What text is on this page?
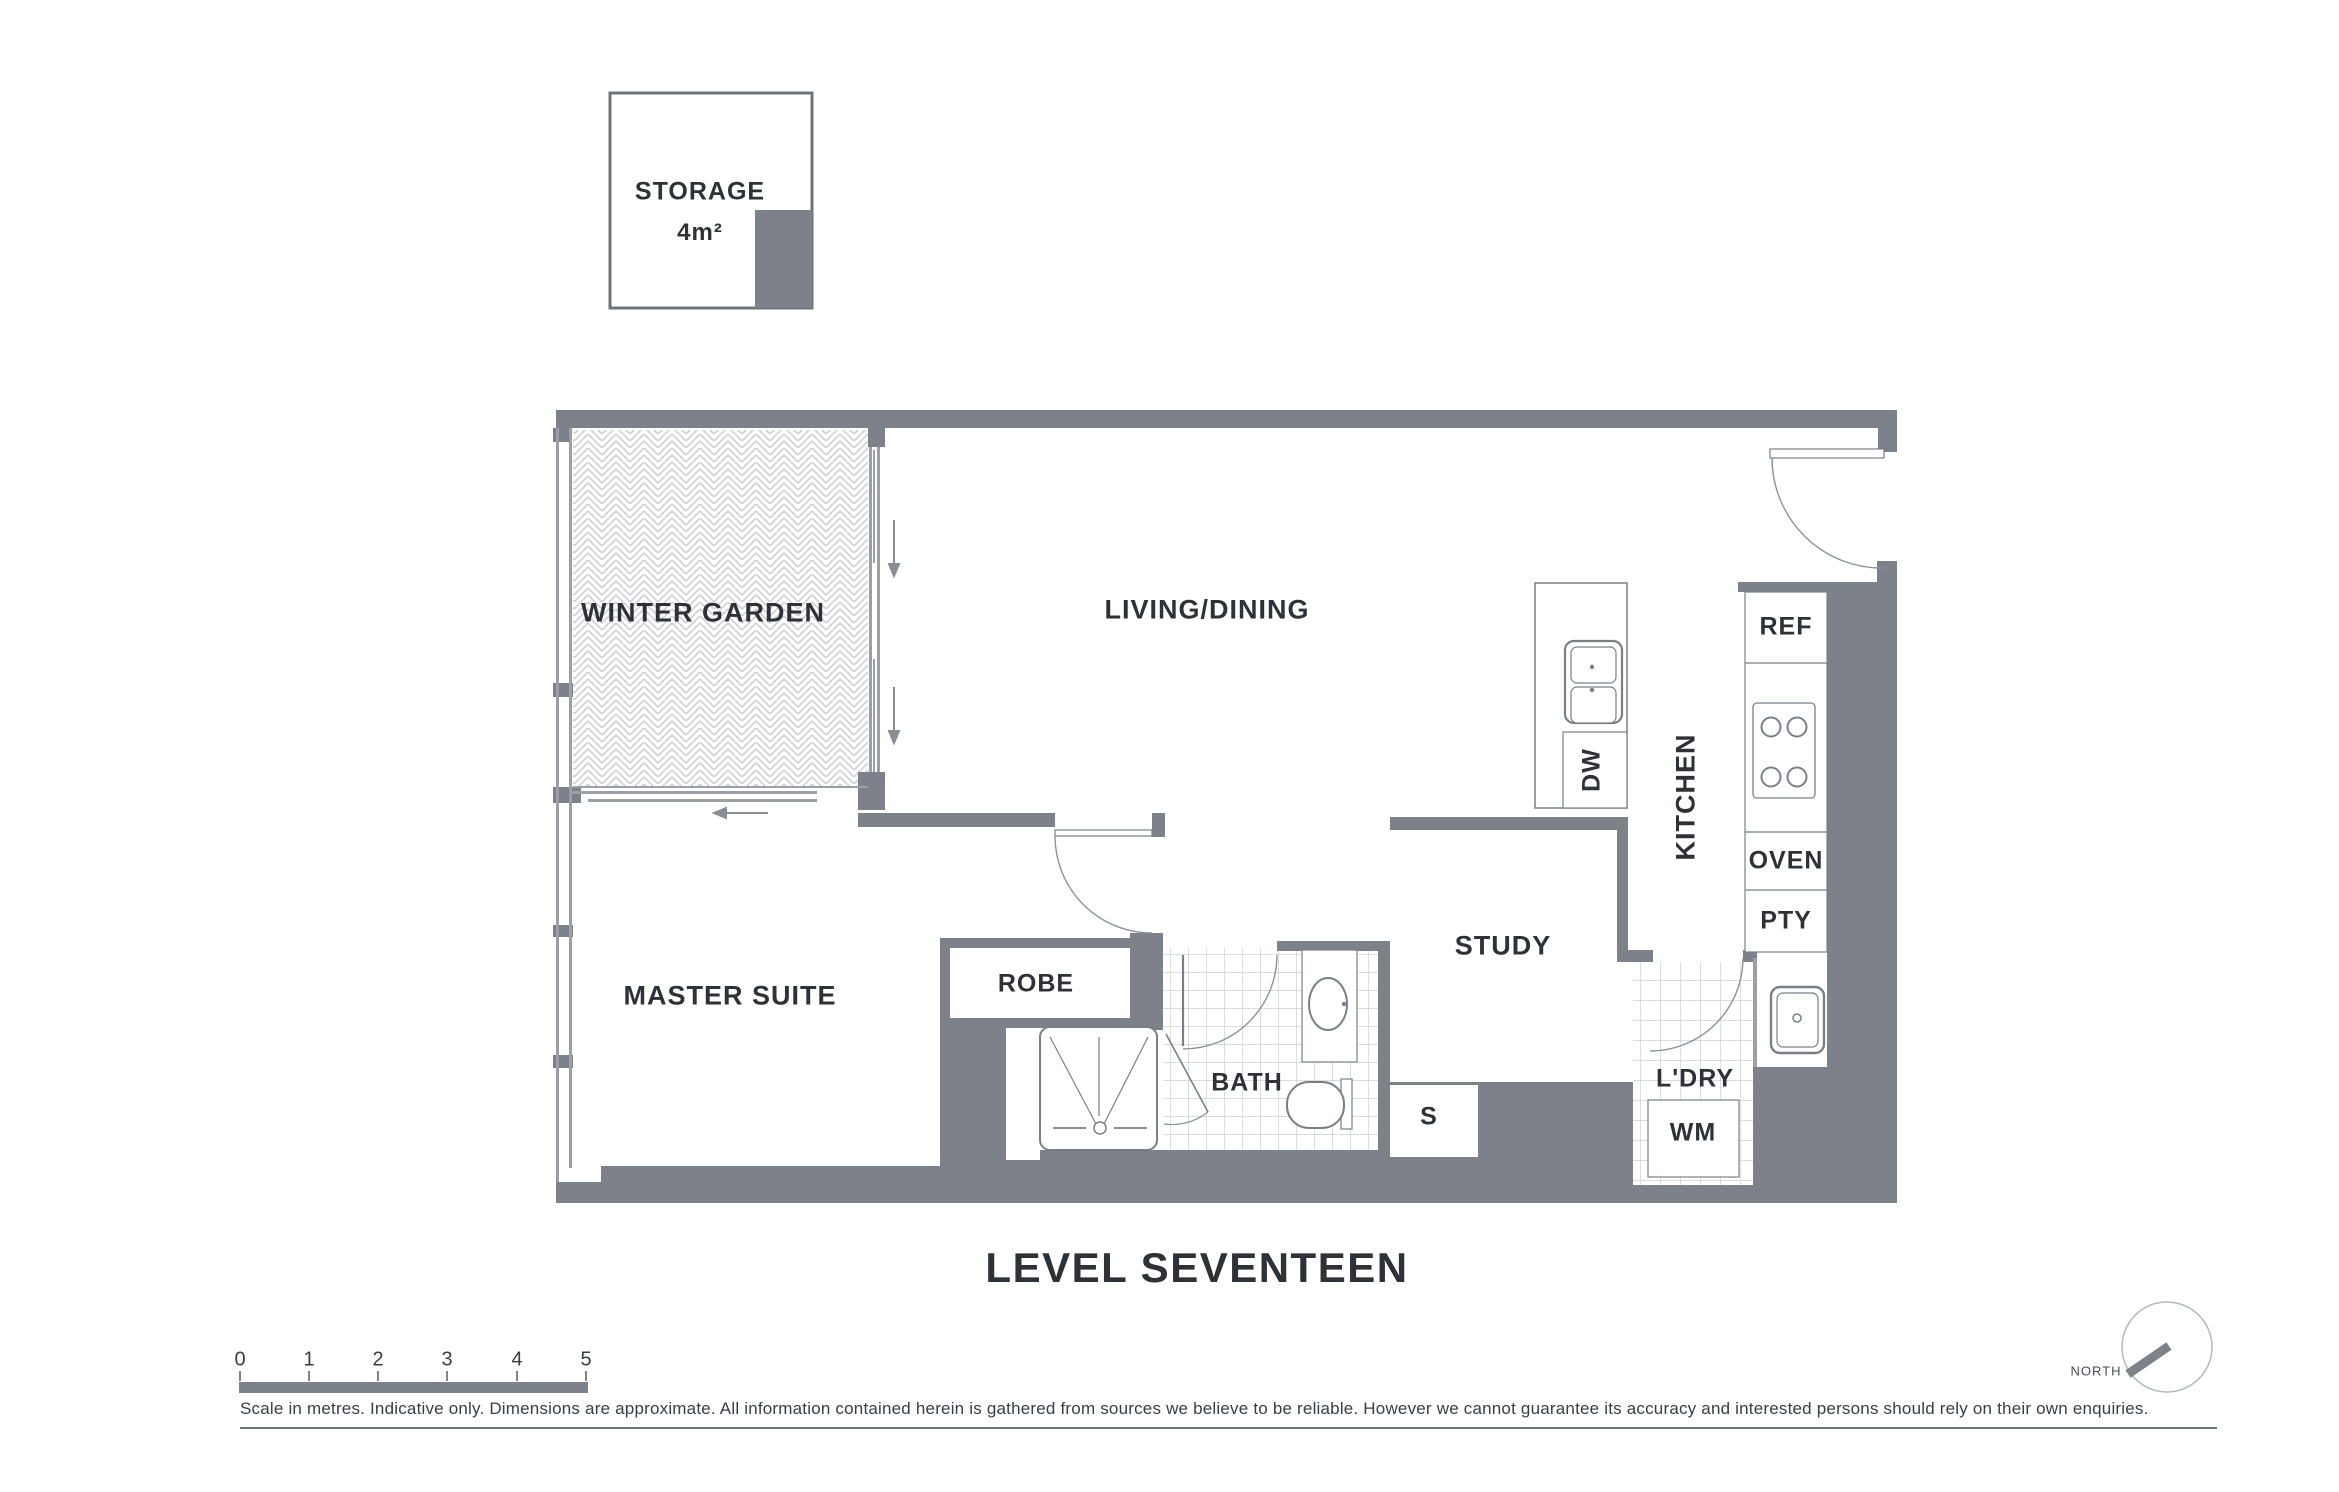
STORAGE
4m²
WINTER GARDEN	LIVING/DINING
MASTER SUITE	ROBE
BATH
STUDY
S
KITCHEN
L'DRY
DW
REF
OVEN
PTY
WM
LEVEL SEVENTEEN
0	1	2	3	4	5
Scale in metres. Indicative only. Dimensions are approximate. All information contained herein is gathered from sources we believe to be reliable. However we cannot guarantee its accuracy and interested persons should rely on their own enquiries.
NORTH
